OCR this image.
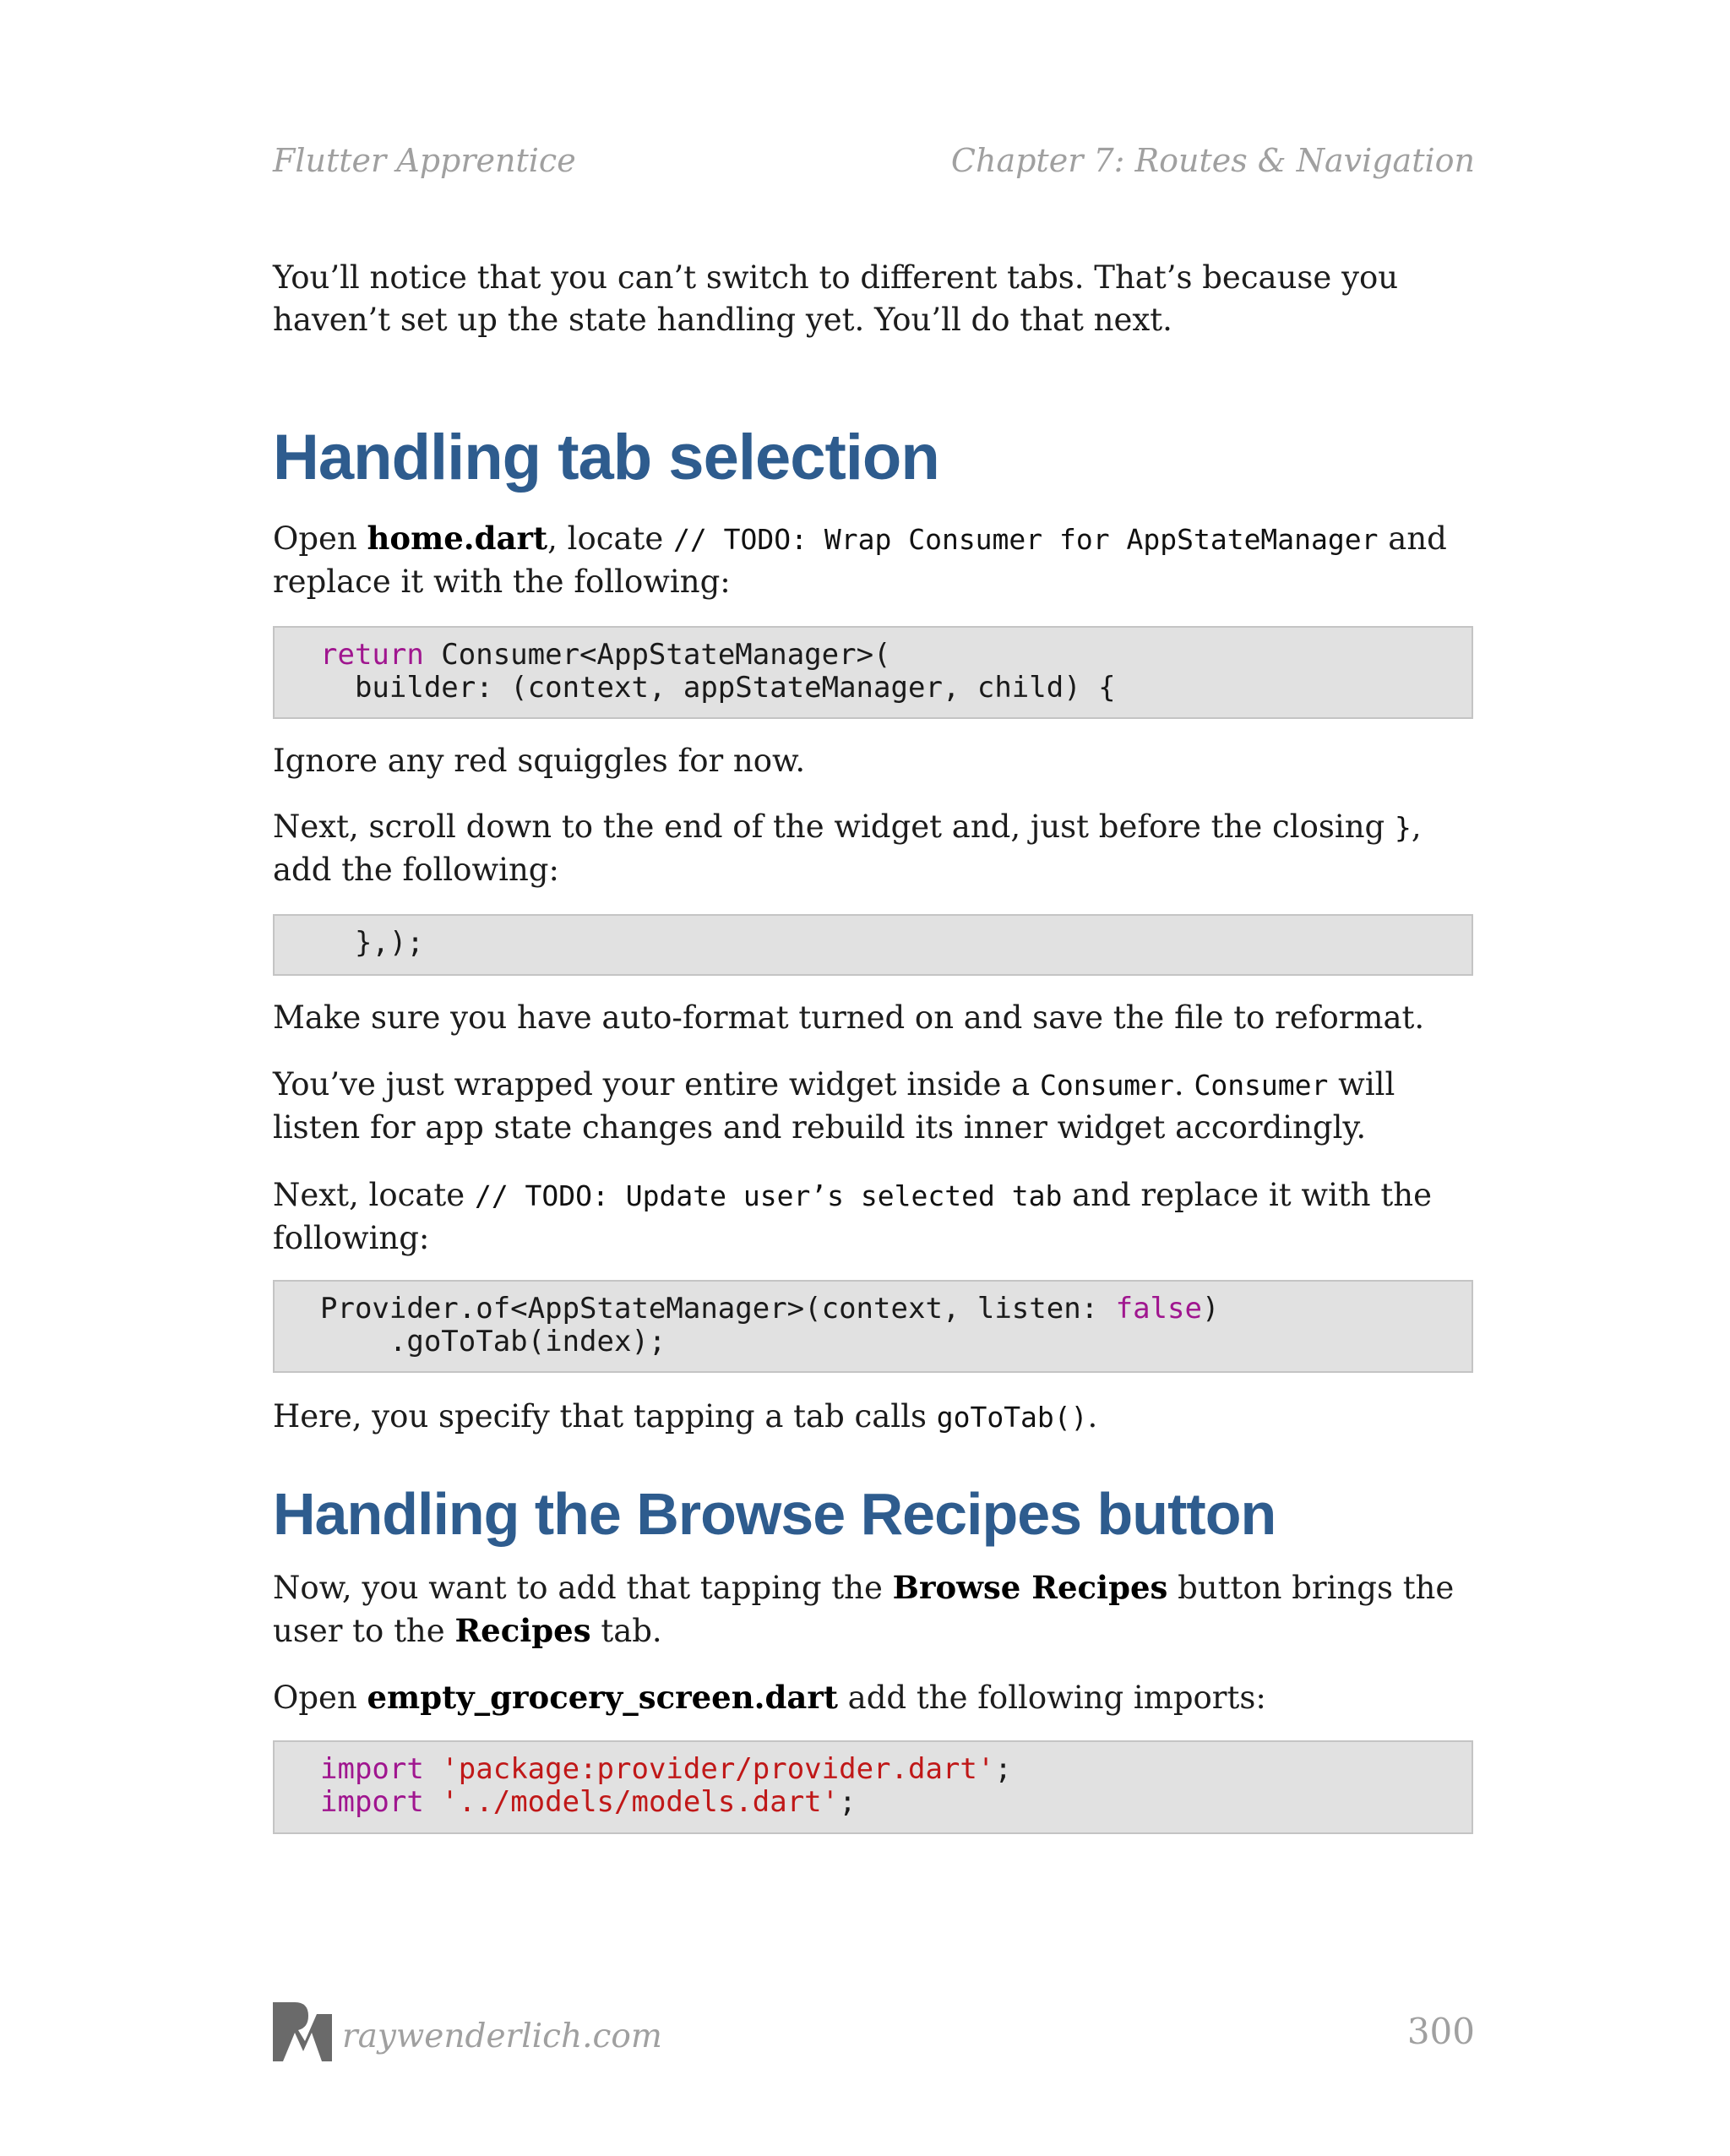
Flutter Apprentice	Chapter 7: Routes & Navigation

You’ll notice that you can’t switch to different tabs. That’s because you haven’t set up the state handling yet. You’ll do that next.

Handling tab selection

Open home.dart, locate // TODO: Wrap Consumer for AppStateManager and replace it with the following:

return Consumer<AppStateManager>(
builder: (context, appStateManager, child) {

Ignore any red squiggles for now.

Next, scroll down to the end of the widget and, just before the closing }, add the following:

},);

Make sure you have auto-format turned on and save the file to reformat.

You’ve just wrapped your entire widget inside a Consumer. Consumer will listen for app state changes and rebuild its inner widget accordingly.

Next, locate // TODO: Update user’s selected tab and replace it with the following:

Provider.of<AppStateManager>(context, listen: false)
.goToTab(index);

Here, you specify that tapping a tab calls goToTab().

Handling the Browse Recipes button

Now, you want to add that tapping the Browse Recipes button brings the user to the Recipes tab.

Open empty_grocery_screen.dart add the following imports:

import 'package:provider/provider.dart';
import '../models/models.dart';
raywenderlich.com	300
